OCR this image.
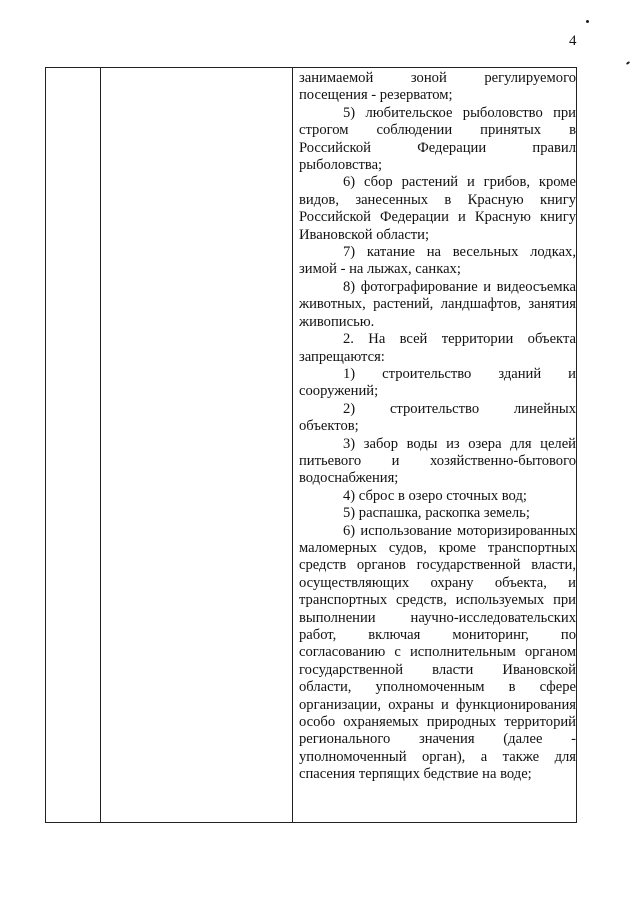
4

занимаемой зоной регулируемого посещения - резерватом;

5) любительское рыболовство при строгом соблюдении принятых в Российской Федерации правил рыболовства;

6) сбор растений и грибов, кроме видов, занесенных в Красную книгу Российской Федерации и Красную книгу Ивановской области;

7) катание на весельных лодках, зимой - на лыжах, санках;

8) фотографирование и видеосъемка животных, растений, ландшафтов, занятия живописью.

2. На всей территории объекта запрещаются:

1) строительство зданий и сооружений;

2) строительство линейных объектов;

3) забор воды из озера для целей питьевого и хозяйственно-бытового водоснабжения;

4) сброс в озеро сточных вод;

5) распашка, раскопка земель;

6) использование моторизированных маломерных судов, кроме транспортных средств органов государственной власти, осуществляющих охрану объекта, и транспортных средств, используемых при выполнении научно-исследовательских работ, включая мониторинг, по согласованию с исполнительным органом государственной власти Ивановской области, уполномоченным в сфере организации, охраны и функционирования особо охраняемых природных территорий регионального значения (далее - уполномоченный орган), а также для спасения терпящих бедствие на воде;
